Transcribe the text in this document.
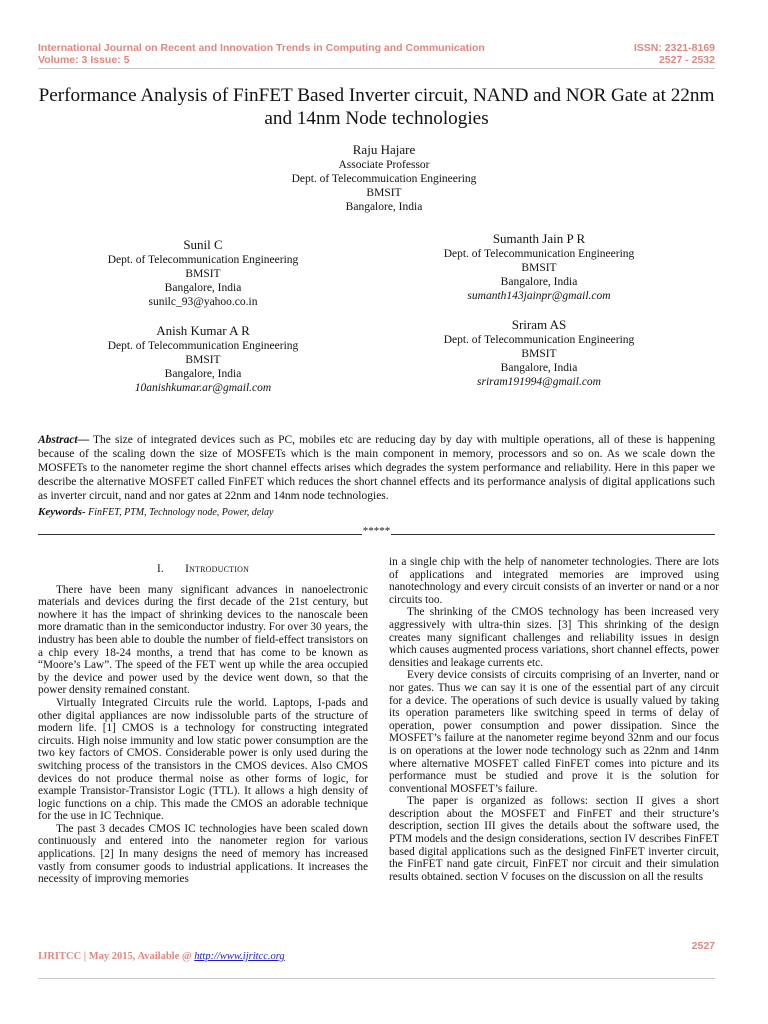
International Journal on Recent and Innovation Trends in Computing and Communication
Volume: 3 Issue: 5
ISSN: 2321-8169
2527 - 2532
Performance Analysis of FinFET Based Inverter circuit, NAND and NOR Gate at 22nm and 14nm Node technologies
Raju Hajare
Associate Professor
Dept. of Telecommuication Engineering
BMSIT
Bangalore, India
Sunil C
Dept. of Telecommunication Engineering
BMSIT
Bangalore, India
sunilc_93@yahoo.co.in
Sumanth Jain P R
Dept. of Telecommunication Engineering
BMSIT
Bangalore, India
sumanth143jainpr@gmail.com
Anish Kumar A R
Dept. of Telecommunication Engineering
BMSIT
Bangalore, India
10anishkumar.ar@gmail.com
Sriram AS
Dept. of Telecommunication Engineering
BMSIT
Bangalore, India
sriram191994@gmail.com

Abstract— The size of integrated devices such as PC, mobiles etc are reducing day by day with multiple operations, all of these is happening because of the scaling down the size of MOSFETs which is the main component in memory, processors and so on. As we scale down the MOSFETs to the nanometer regime the short channel effects arises which degrades the system performance and reliability. Here in this paper we describe the alternative MOSFET called FinFET which reduces the short channel effects and its performance analysis of digital applications such as inverter circuit, nand and nor gates at 22nm and 14nm node technologies.

Keywords- FinFET, PTM, Technology node, Power, delay
*****
I. Introduction

There have been many significant advances in nanoelectronic materials and devices during the first decade of the 21st century, but nowhere it has the impact of shrinking devices to the nanoscale been more dramatic than in the semiconductor industry. For over 30 years, the industry has been able to double the number of field-effect transistors on a chip every 18-24 months, a trend that has come to be known as “Moore’s Law”. The speed of the FET went up while the area occupied by the device and power used by the device went down, so that the power density remained constant.

Virtually Integrated Circuits rule the world. Laptops, I-pads and other digital appliances are now indissoluble parts of the structure of modern life. [1] CMOS is a technology for constructing integrated circuits. High noise immunity and low static power consumption are the two key factors of CMOS. Considerable power is only used during the switching process of the transistors in the CMOS devices. Also CMOS devices do not produce thermal noise as other forms of logic, for example Transistor-Transistor Logic (TTL). It allows a high density of logic functions on a chip. This made the CMOS an adorable technique for the use in IC Technique.

The past 3 decades CMOS IC technologies have been scaled down continuously and entered into the nanometer region for various applications. [2] In many designs the need of memory has increased vastly from consumer goods to industrial applications. It increases the necessity of improving memories

in a single chip with the help of nanometer technologies. There are lots of applications and integrated memories are improved using nanotechnology and every circuit consists of an inverter or nand or a nor circuits too.

The shrinking of the CMOS technology has been increased very aggressively with ultra-thin sizes. [3] This shrinking of the design creates many significant challenges and reliability issues in design which causes augmented process variations, short channel effects, power densities and leakage currents etc.

Every device consists of circuits comprising of an Inverter, nand or nor gates. Thus we can say it is one of the essential part of any circuit for a device. The operations of such device is usually valued by taking its operation parameters like switching speed in terms of delay of operation, power consumption and power dissipation. Since the MOSFET’s failure at the nanometer regime beyond 32nm and our focus is on operations at the lower node technology such as 22nm and 14nm where alternative MOSFET called FinFET comes into picture and its performance must be studied and prove it is the solution for conventional MOSFET’s failure.

The paper is organized as follows: section II gives a short description about the MOSFET and FinFET and their structure’s description, section III gives the details about the software used, the PTM models and the design considerations, section IV describes FinFET based digital applications such as the designed FinFET inverter circuit, the FinFET nand gate circuit, FinFET nor circuit and their simulation results obtained. section V focuses on the discussion on all the results

2527
IJRITCC | May 2015, Available @ http://www.ijritcc.org
